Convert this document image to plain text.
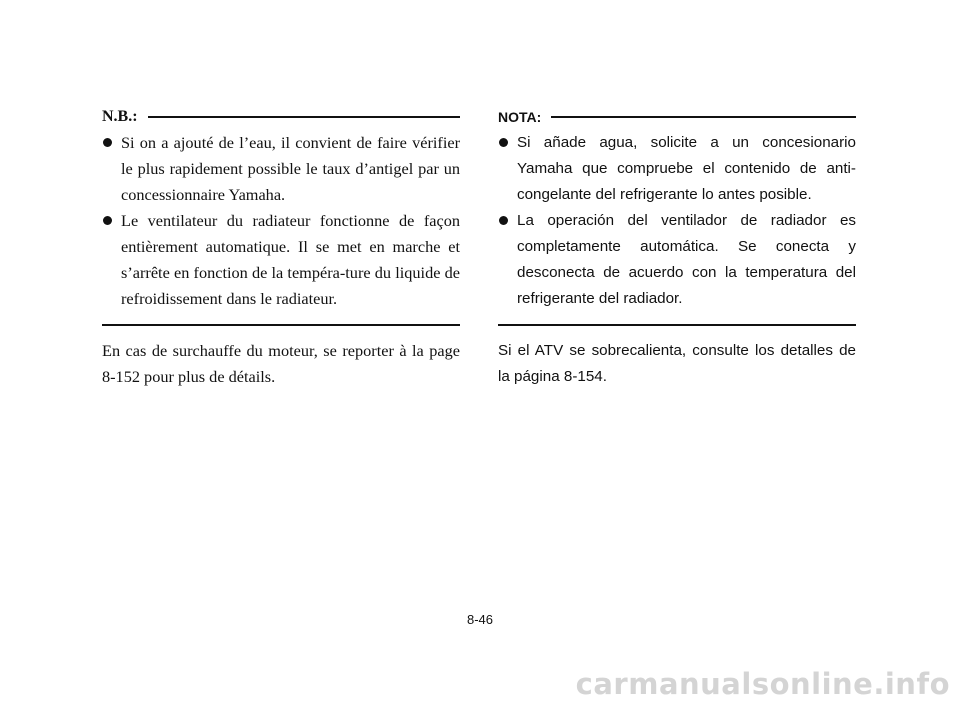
N.B.:
Si on a ajouté de l’eau, il convient de faire vérifier le plus rapidement possible le taux d’antigel par un concessionnaire Yamaha.
Le ventilateur du radiateur fonctionne de façon entièrement automatique. Il se met en marche et s’arrête en fonction de la tempéra-ture du liquide de refroidissement dans le radiateur.

En cas de surchauffe du moteur, se reporter à la page 8-152 pour plus de détails.

NOTA:
Si añade agua, solicite a un concesionario Yamaha que compruebe el contenido de anti-congelante del refrigerante lo antes posible.
La operación del ventilador de radiador es completamente automática. Se conecta y desconecta de acuerdo con la temperatura del refrigerante del radiador.

Si el ATV se sobrecalienta, consulte los detalles de la página 8-154.

8-46
carmanualsonline.info
